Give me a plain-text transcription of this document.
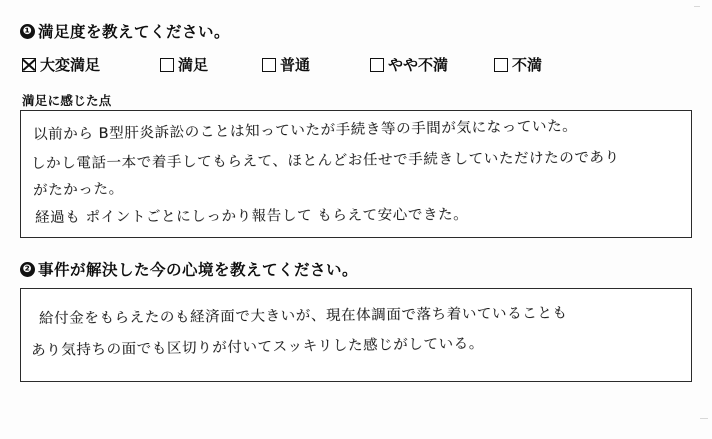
❶ 満足度を教えてください。
大変満足	満足	普通	やや不満	不満
満足に感じた点
以前から B型肝炎訴訟のことは知っていたが手続き等の手間が気になっていた。
しかし電話一本で着手してもらえて、ほとんどお任せで手続きしていただけたのであり
がたかった。
経過も ポイントごとにしっかり報告して もらえて安心できた。
❷ 事件が解決した今の心境を教えてください。
給付金をもらえたのも経済面で大きいが、現在体調面で落ち着いていることも
あり気持ちの面でも区切りが付いてスッキリした感じがしている。
